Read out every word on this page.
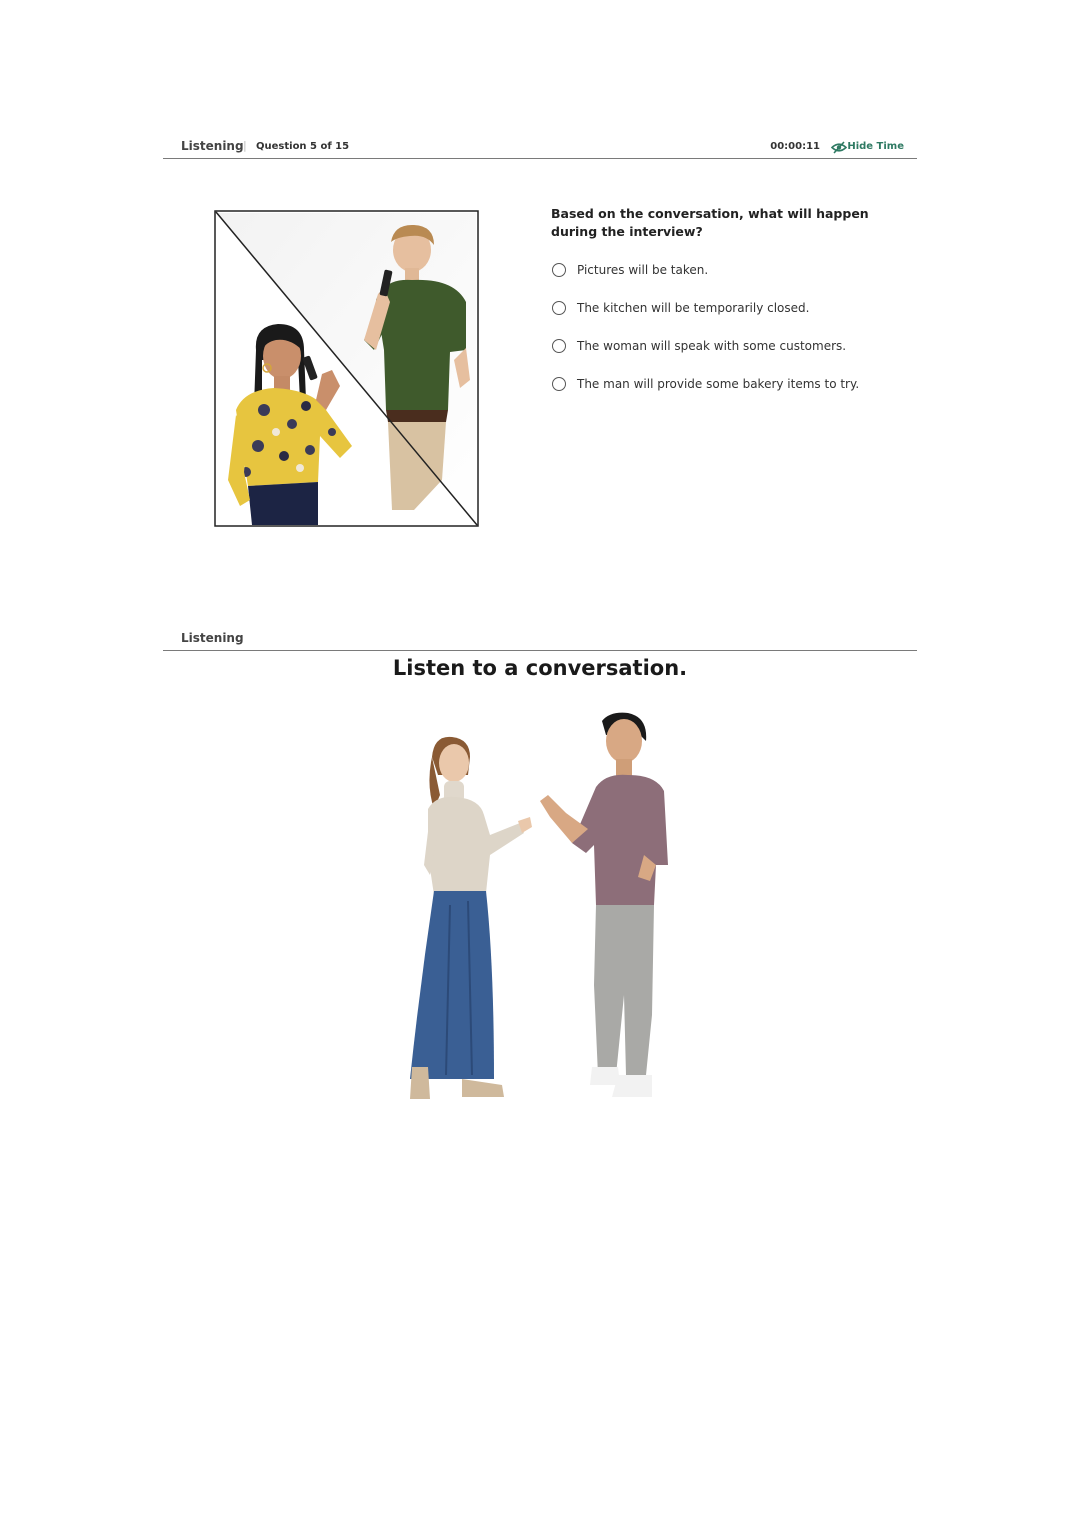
Listening | Question 5 of 15	00:00:11	Hide Time
Based on the conversation, what will happen during the interview?
Pictures will be taken.
The kitchen will be temporarily closed.
The woman will speak with some customers.
The man will provide some bakery items to try.
Listening
Listen to a conversation.
